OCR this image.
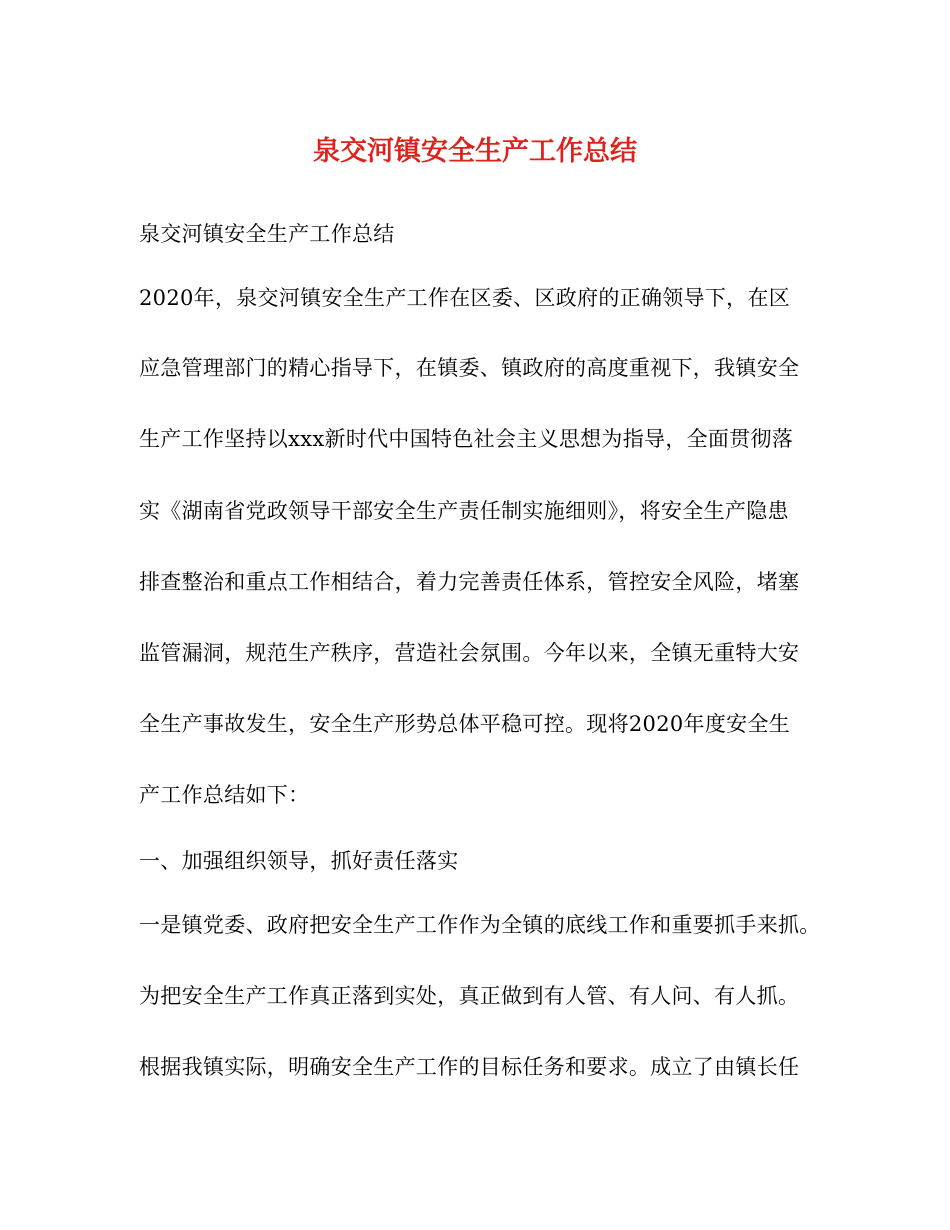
泉交河镇安全生产工作总结
泉交河镇安全生产工作总结
2020年，泉交河镇安全生产工作在区委、区政府的正确领导下，在区
应急管理部门的精心指导下，在镇委、镇政府的高度重视下，我镇安全
生产工作坚持以xxx新时代中国特色社会主义思想为指导，全面贯彻落
实《湖南省党政领导干部安全生产责任制实施细则》，将安全生产隐患
排查整治和重点工作相结合，着力完善责任体系，管控安全风险，堵塞
监管漏洞，规范生产秩序，营造社会氛围。今年以来，全镇无重特大安
全生产事故发生，安全生产形势总体平稳可控。现将2020年度安全生
产工作总结如下：
一、加强组织领导，抓好责任落实
一是镇党委、政府把安全生产工作作为全镇的底线工作和重要抓手来抓。
为把安全生产工作真正落到实处，真正做到有人管、有人问、有人抓。
根据我镇实际，明确安全生产工作的目标任务和要求。成立了由镇长任
